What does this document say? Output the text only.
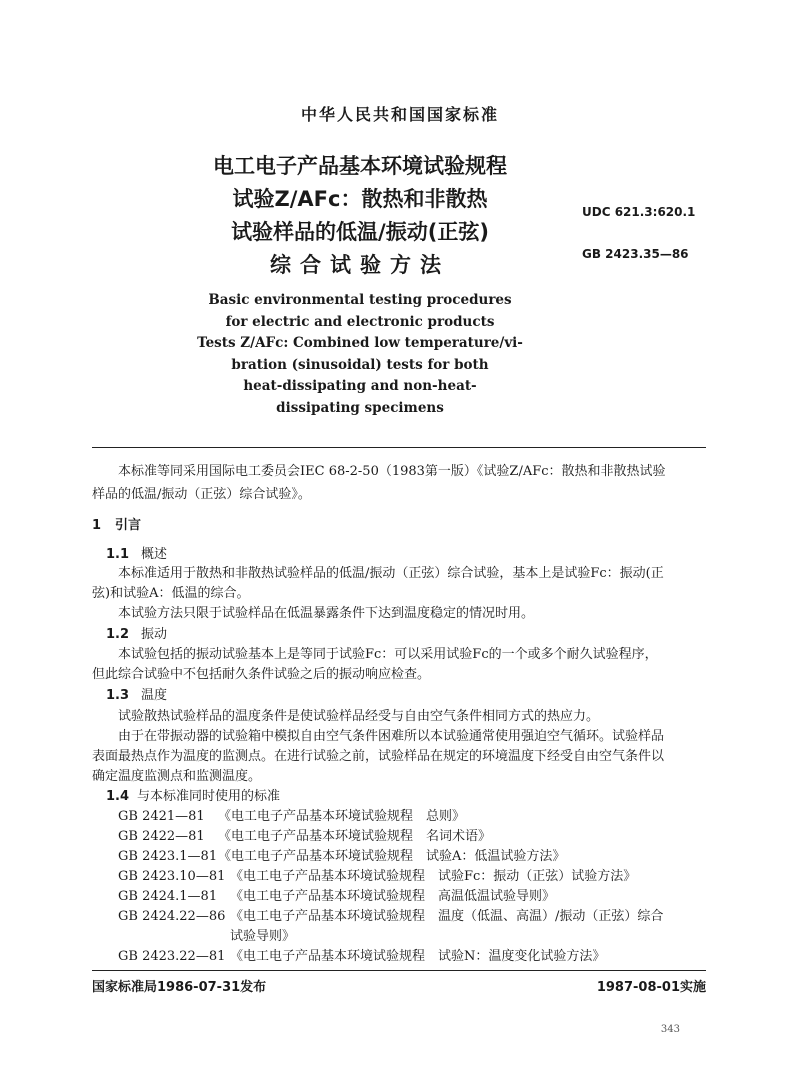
中华人民共和国国家标准
电工电子产品基本环境试验规程
试验Z/AFc：散热和非散热
试验样品的低温/振动(正弦)
综合试验方法
UDC 621.3:620.1
GB 2423.35—86
Basic environmental testing procedures
for electric and electronic products
Tests Z/AFc: Combined low temperature/vi-
bration (sinusoidal) tests for both
heat-dissipating and non-heat-
dissipating specimens
本标准等同采用国际电工委员会IEC 68-2-50（1983第一版）《试验Z/AFc：散热和非散热试验
样品的低温/振动（正弦）综合试验》。
1 引言
1.1 概述
本标准适用于散热和非散热试验样品的低温/振动（正弦）综合试验，基本上是试验Fc：振动(正
弦)和试验A：低温的综合。
本试验方法只限于试验样品在低温暴露条件下达到温度稳定的情况时用。
1.2 振动
本试验包括的振动试验基本上是等同于试验Fc：可以采用试验Fc的一个或多个耐久试验程序，
但此综合试验中不包括耐久条件试验之后的振动响应检查。
1.3 温度
试验散热试验样品的温度条件是使试验样品经受与自由空气条件相同方式的热应力。
由于在带振动器的试验箱中模拟自由空气条件困难所以本试验通常使用强迫空气循环。试验样品
表面最热点作为温度的监测点。在进行试验之前，试验样品在规定的环境温度下经受自由空气条件以
确定温度监测点和监测温度。
1.4 与本标准同时使用的标准
GB 2421—81 《电工电子产品基本环境试验规程　总则》
GB 2422—81 《电工电子产品基本环境试验规程　名词术语》
GB 2423.1—81《电工电子产品基本环境试验规程　试验A：低温试验方法》
GB 2423.10—81 《电工电子产品基本环境试验规程　试验Fc：振动（正弦）试验方法》
GB 2424.1—81 《电工电子产品基本环境试验规程　高温低温试验导则》
GB 2424.22—86 《电工电子产品基本环境试验规程　温度（低温、高温）/振动（正弦）综合
试验导则》
GB 2423.22—81 《电工电子产品基本环境试验规程　试验N：温度变化试验方法》
国家标准局1986-07-31发布	1987-08-01实施
343
